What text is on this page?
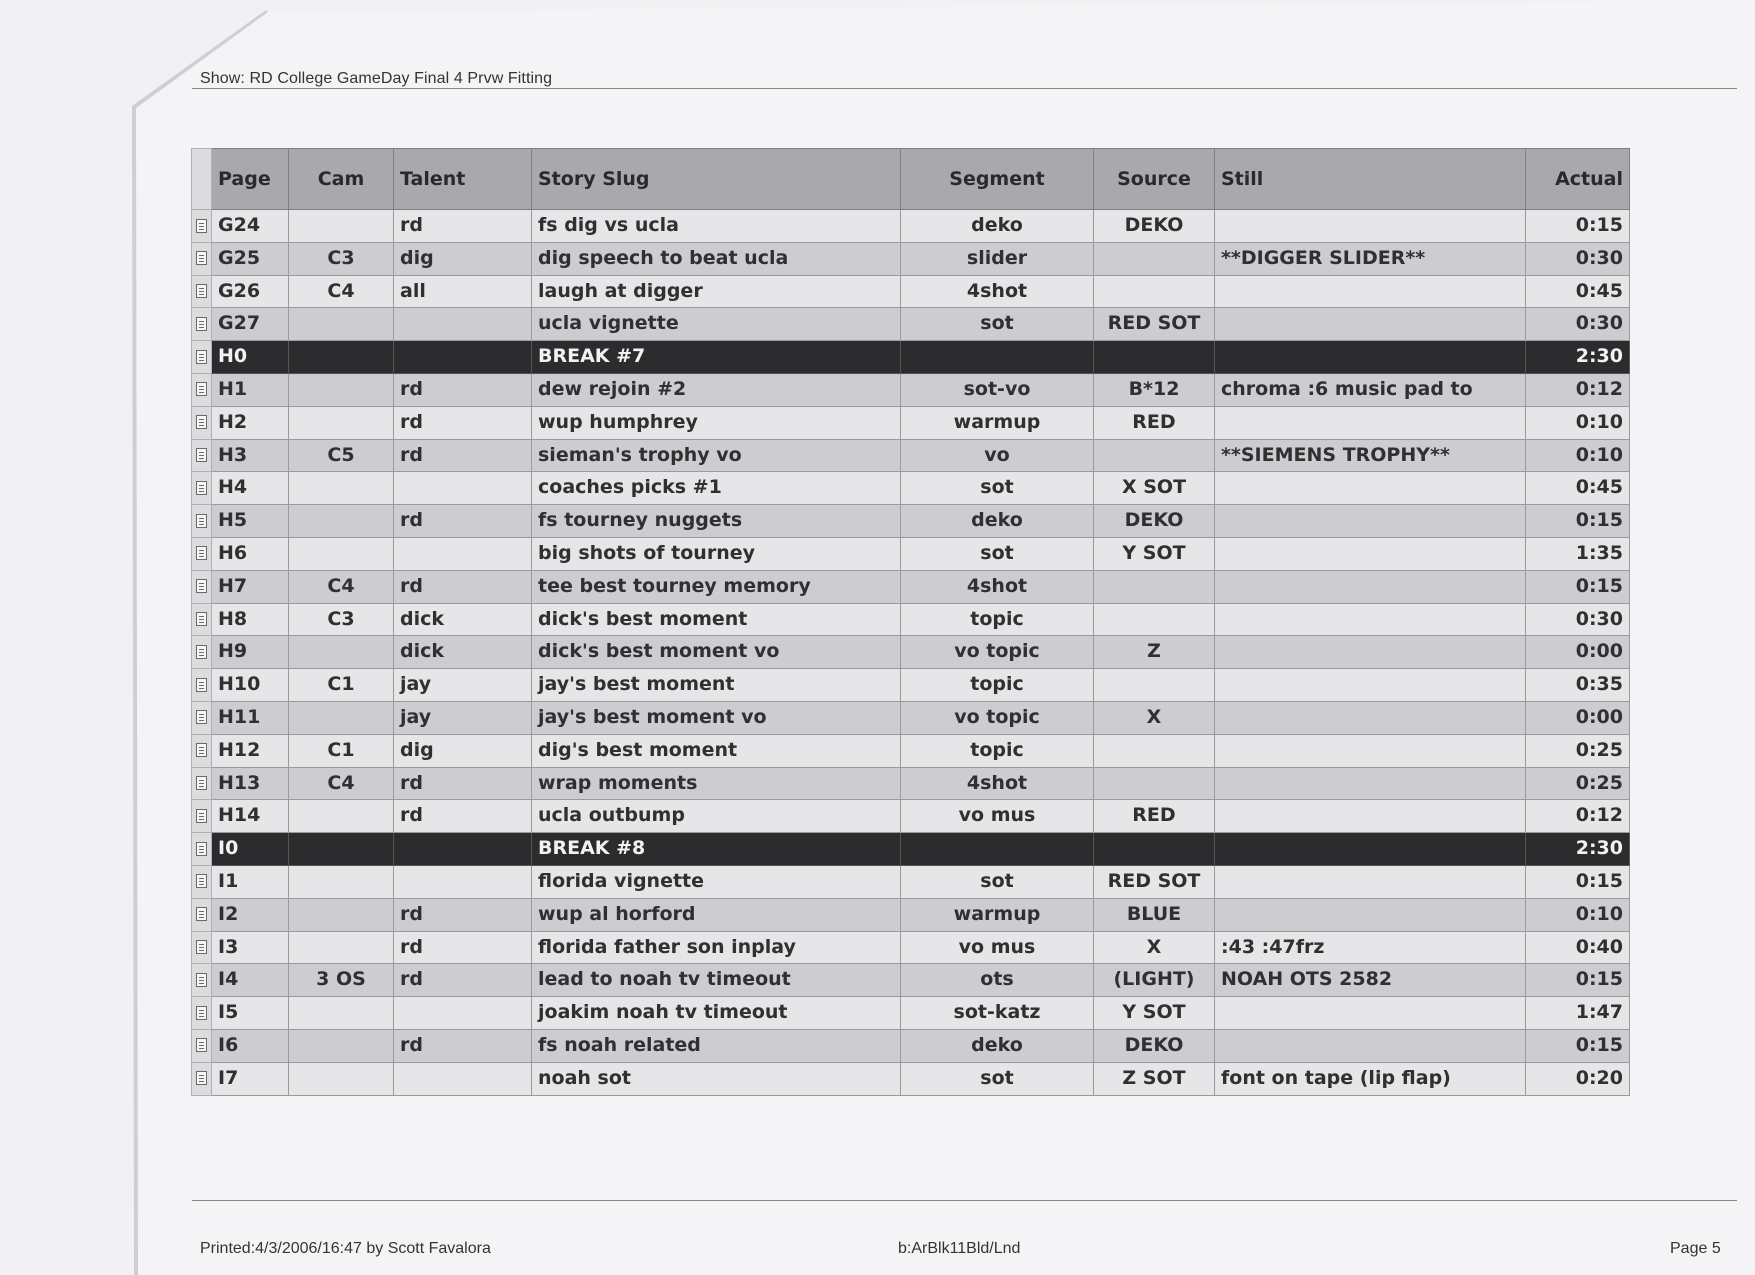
Show: RD College GameDay Final 4 Prvw Fitting
	Page	Cam	Talent	Story Slug	Segment	Source	Still	Actual
	G24		rd	fs dig vs ucla	deko	DEKO		0:15
	G25	C3	dig	dig speech to beat ucla	slider		**DIGGER SLIDER**	0:30
	G26	C4	all	laugh at digger	4shot			0:45
	G27			ucla vignette	sot	RED SOT		0:30
	H0			BREAK #7				2:30
	H1		rd	dew rejoin #2	sot-vo	B*12	chroma :6 music pad to	0:12
	H2		rd	wup humphrey	warmup	RED		0:10
	H3	C5	rd	sieman's trophy vo	vo		**SIEMENS TROPHY**	0:10
	H4			coaches picks #1	sot	X SOT		0:45
	H5		rd	fs tourney nuggets	deko	DEKO		0:15
	H6			big shots of tourney	sot	Y SOT		1:35
	H7	C4	rd	tee best tourney memory	4shot			0:15
	H8	C3	dick	dick's best moment	topic			0:30
	H9		dick	dick's best moment vo	vo topic	Z		0:00
	H10	C1	jay	jay's best moment	topic			0:35
	H11		jay	jay's best moment vo	vo topic	X		0:00
	H12	C1	dig	dig's best moment	topic			0:25
	H13	C4	rd	wrap moments	4shot			0:25
	H14		rd	ucla outbump	vo mus	RED		0:12
	I0			BREAK #8				2:30
	I1			florida vignette	sot	RED SOT		0:15
	I2		rd	wup al horford	warmup	BLUE		0:10
	I3		rd	florida father son inplay	vo mus	X	:43 :47frz	0:40
	I4	3 OS	rd	lead to noah tv timeout	ots	(LIGHT)	NOAH OTS 2582	0:15
	I5			joakim noah tv timeout	sot-katz	Y SOT		1:47
	I6		rd	fs noah related	deko	DEKO		0:15
	I7			noah sot	sot	Z SOT	font on tape (lip flap)	0:20
Printed:4/3/2006/16:47 by Scott Favalora	b:ArBlk11Bld/Lnd	Page 5
